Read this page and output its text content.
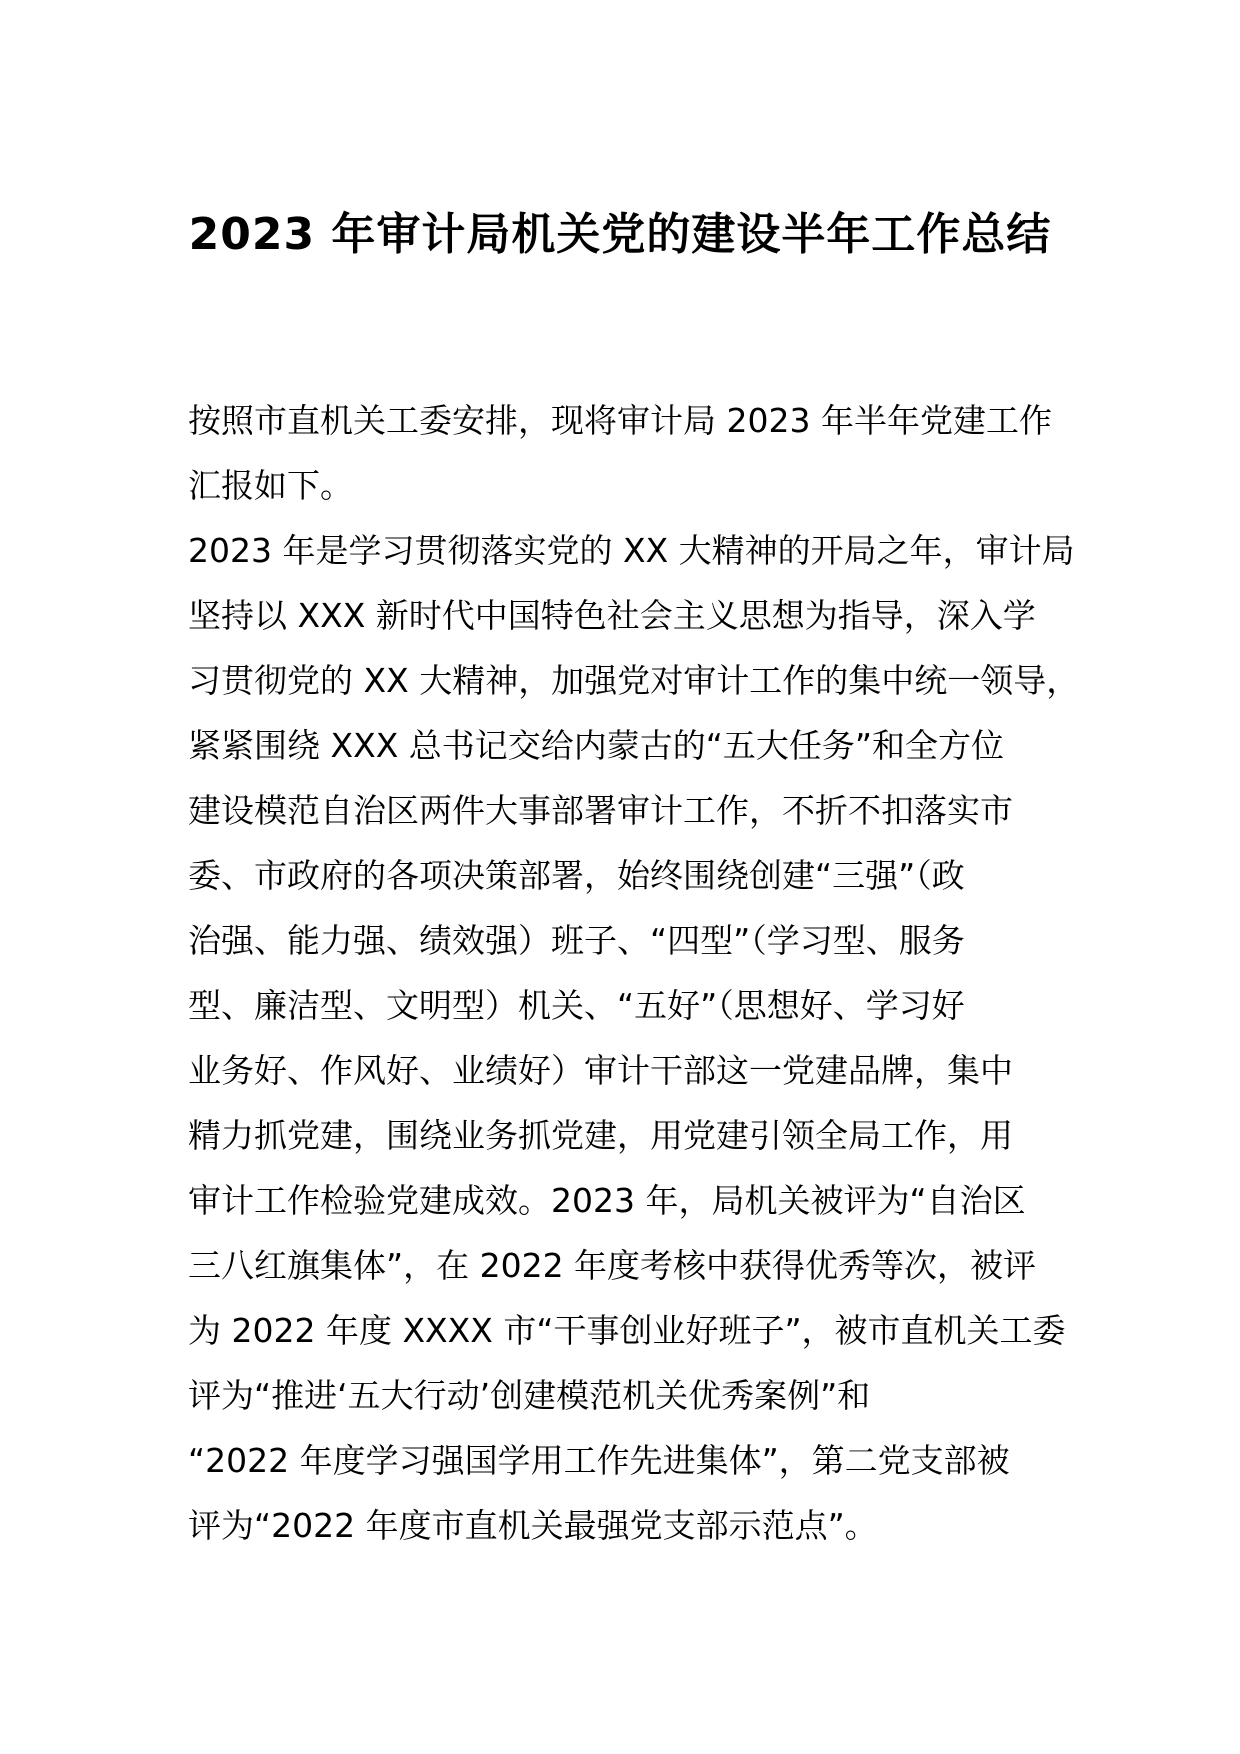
2023 年审计局机关党的建设半年工作总结
按照市直机关工委安排，现将审计局 2023 年半年党建工作
汇报如下。
2023 年是学习贯彻落实党的 XX 大精神的开局之年，审计局
坚持以 XXX 新时代中国特色社会主义思想为指导，深入学
习贯彻党的 XX 大精神，加强党对审计工作的集中统一领导，
紧紧围绕 XXX 总书记交给内蒙古的“五大任务”和全方位
建设模范自治区两件大事部署审计工作，不折不扣落实市
委、市政府的各项决策部署，始终围绕创建“三强”（政
治强、能力强、绩效强）班子、“四型”（学习型、服务
型、廉洁型、文明型）机关、“五好”（思想好、学习好
业务好、作风好、业绩好）审计干部这一党建品牌，集中
精力抓党建，围绕业务抓党建，用党建引领全局工作，用
审计工作检验党建成效。2023 年，局机关被评为“自治区
三八红旗集体”，在 2022 年度考核中获得优秀等次，被评
为 2022 年度 XXXX 市“干事创业好班子”，被市直机关工委
评为“推进‘五大行动’创建模范机关优秀案例”和
“2022 年度学习强国学用工作先进集体”，第二党支部被
评为“2022 年度市直机关最强党支部示范点”。
